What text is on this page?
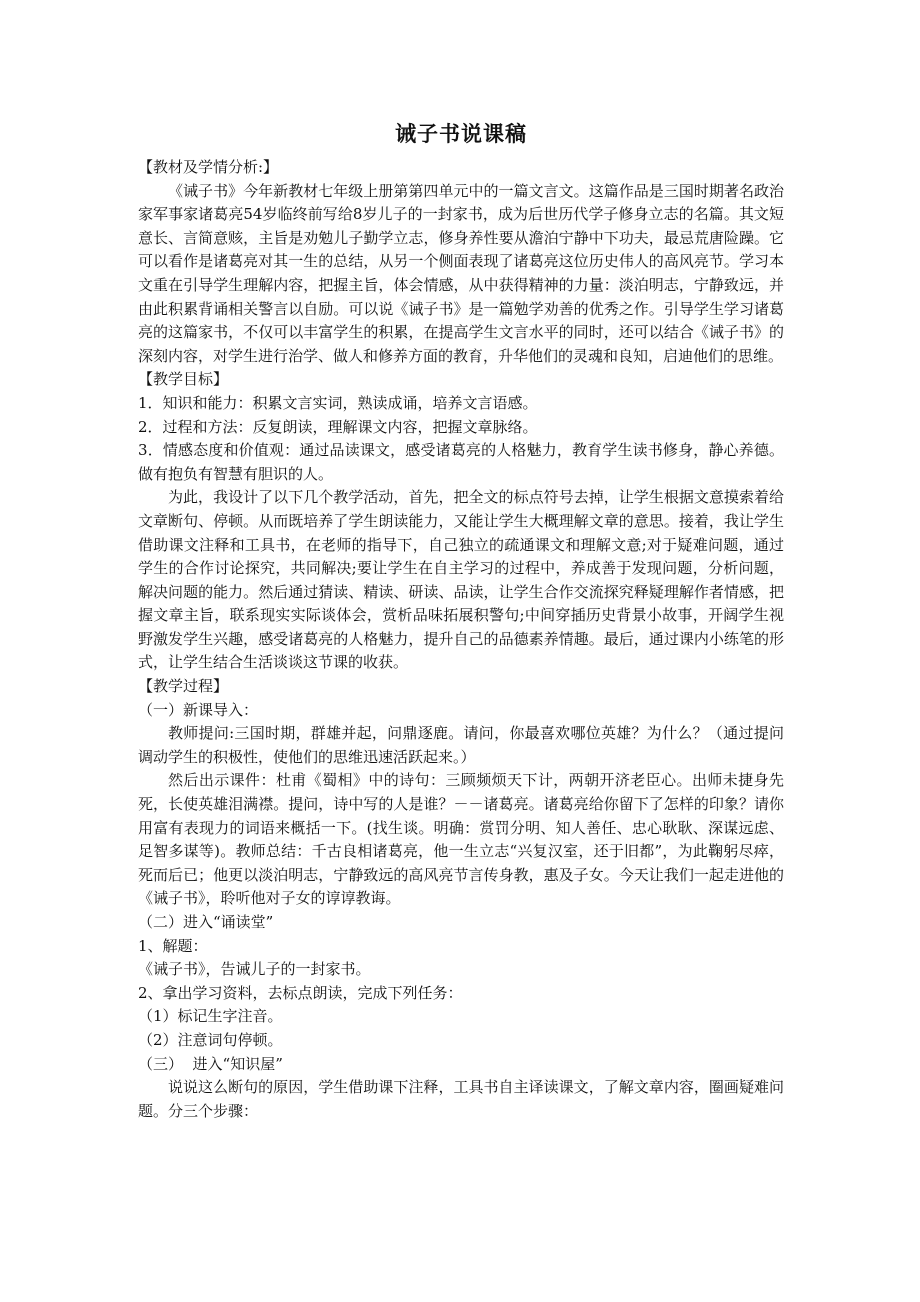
诫子书说课稿

【教材及学情分析:】

《诫子书》今年新教材七年级上册第第四单元中的一篇文言文。这篇作品是三国时期著名政治家军事家诸葛亮54岁临终前写给8岁儿子的一封家书，成为后世历代学子修身立志的名篇。其文短意长、言简意赅，主旨是劝勉儿子勤学立志，修身养性要从澹泊宁静中下功夫，最忌荒唐险躁。它可以看作是诸葛亮对其一生的总结，从另一个侧面表现了诸葛亮这位历史伟人的高风亮节。学习本文重在引导学生理解内容，把握主旨，体会情感，从中获得精神的力量：淡泊明志，宁静致远，并由此积累背诵相关警言以自励。可以说《诫子书》是一篇勉学劝善的优秀之作。引导学生学习诸葛亮的这篇家书，不仅可以丰富学生的积累，在提高学生文言水平的同时，还可以结合《诫子书》的深刻内容，对学生进行治学、做人和修养方面的教育，升华他们的灵魂和良知，启迪他们的思维。

【教学目标】

1．知识和能力：积累文言实词，熟读成诵，培养文言语感。

2．过程和方法：反复朗读，理解课文内容，把握文章脉络。

3．情感态度和价值观：通过品读课文，感受诸葛亮的人格魅力，教育学生读书修身，静心养德。做有抱负有智慧有胆识的人。

为此，我设计了以下几个教学活动，首先，把全文的标点符号去掉，让学生根据文意摸索着给文章断句、停顿。从而既培养了学生朗读能力，又能让学生大概理解文章的意思。接着，我让学生借助课文注释和工具书，在老师的指导下，自己独立的疏通课文和理解文意;对于疑难问题，通过学生的合作讨论探究，共同解决;要让学生在自主学习的过程中，养成善于发现问题，分析问题，解决问题的能力。然后通过猜读、精读、研读、品读，让学生合作交流探究释疑理解作者情感，把握文章主旨，联系现实实际谈体会，赏析品味拓展积警句;中间穿插历史背景小故事，开阔学生视野激发学生兴趣，感受诸葛亮的人格魅力，提升自己的品德素养情趣。最后，通过课内小练笔的形式，让学生结合生活谈谈这节课的收获。

【教学过程】

（一）新课导入：

教师提问:三国时期，群雄并起，问鼎逐鹿。请问，你最喜欢哪位英雄？为什么？（通过提问调动学生的积极性，使他们的思维迅速活跃起来。）

然后出示课件：杜甫《蜀相》中的诗句：三顾频烦天下计，两朝开济老臣心。出师未捷身先死，长使英雄泪满襟。提问，诗中写的人是谁？－－诸葛亮。诸葛亮给你留下了怎样的印象？请你用富有表现力的词语来概括一下。(找生谈。明确：赏罚分明、知人善任、忠心耿耿、深谋远虑、足智多谋等)。教师总结：千古良相诸葛亮，他一生立志“兴复汉室，还于旧都”，为此鞠躬尽瘁，死而后已；他更以淡泊明志，宁静致远的高风亮节言传身教，惠及子女。今天让我们一起走进他的《诫子书》，聆听他对子女的谆谆教诲。

（二）进入“诵读堂”

1、解题：

《诫子书》，告诫儿子的一封家书。

2、拿出学习资料，去标点朗读，完成下列任务：

（1）标记生字注音。

（2）注意词句停顿。

（三）  进入“知识屋”

说说这么断句的原因，学生借助课下注释，工具书自主译读课文，了解文章内容，圈画疑难问题。分三个步骤：
